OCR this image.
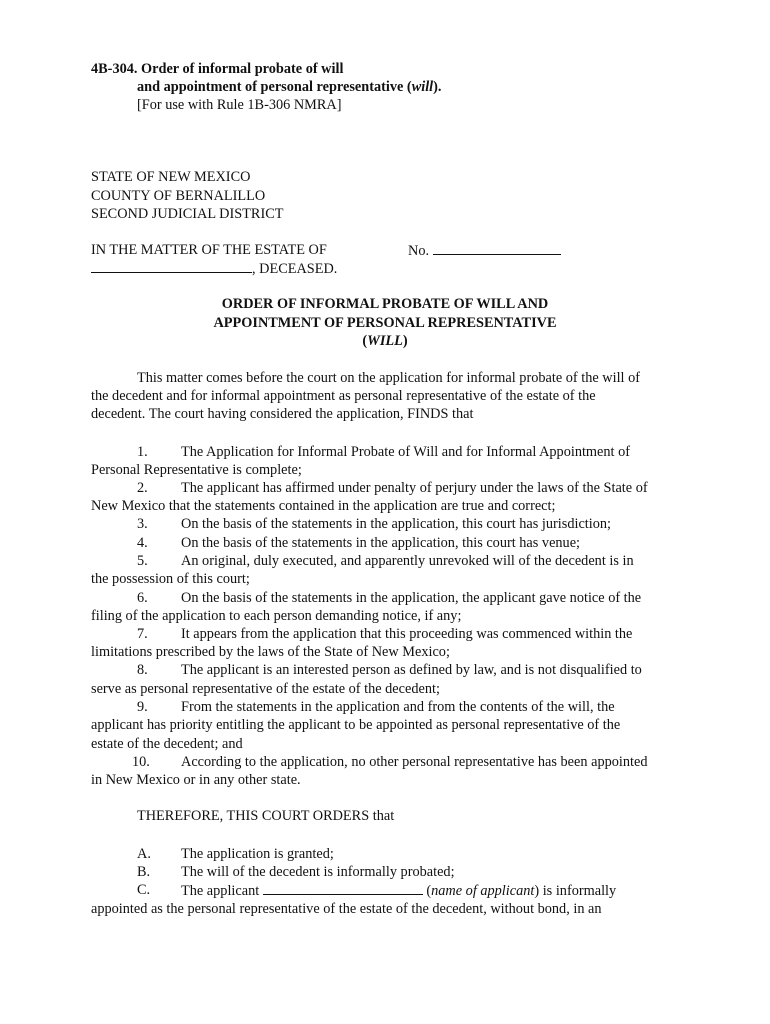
4B-304. Order of informal probate of will
and appointment of personal representative (will).
[For use with Rule 1B-306 NMRA]
STATE OF NEW MEXICO
COUNTY OF BERNALILLO
SECOND JUDICIAL DISTRICT
IN THE MATTER OF THE ESTATE OF
, DECEASED.
No.
ORDER OF INFORMAL PROBATE OF WILL AND
APPOINTMENT OF PERSONAL REPRESENTATIVE
(WILL)
This matter comes before the court on the application for informal probate of the will of
the decedent and for informal appointment as personal representative of the estate of the
decedent. The court having considered the application, FINDS that
1. The Application for Informal Probate of Will and for Informal Appointment of
Personal Representative is complete;
2. The applicant has affirmed under penalty of perjury under the laws of the State of
New Mexico that the statements contained in the application are true and correct;
3. On the basis of the statements in the application, this court has jurisdiction;
4. On the basis of the statements in the application, this court has venue;
5. An original, duly executed, and apparently unrevoked will of the decedent is in
the possession of this court;
6. On the basis of the statements in the application, the applicant gave notice of the
filing of the application to each person demanding notice, if any;
7. It appears from the application that this proceeding was commenced within the
limitations prescribed by the laws of the State of New Mexico;
8. The applicant is an interested person as defined by law, and is not disqualified to
serve as personal representative of the estate of the decedent;
9. From the statements in the application and from the contents of the will, the
applicant has priority entitling the applicant to be appointed as personal representative of the
estate of the decedent; and
10. According to the application, no other personal representative has been appointed
in New Mexico or in any other state.
THEREFORE, THIS COURT ORDERS that
A. The application is granted;
B. The will of the decedent is informally probated;
C. The applicant	(name of applicant) is informally
appointed as the personal representative of the estate of the decedent, without bond, in an
